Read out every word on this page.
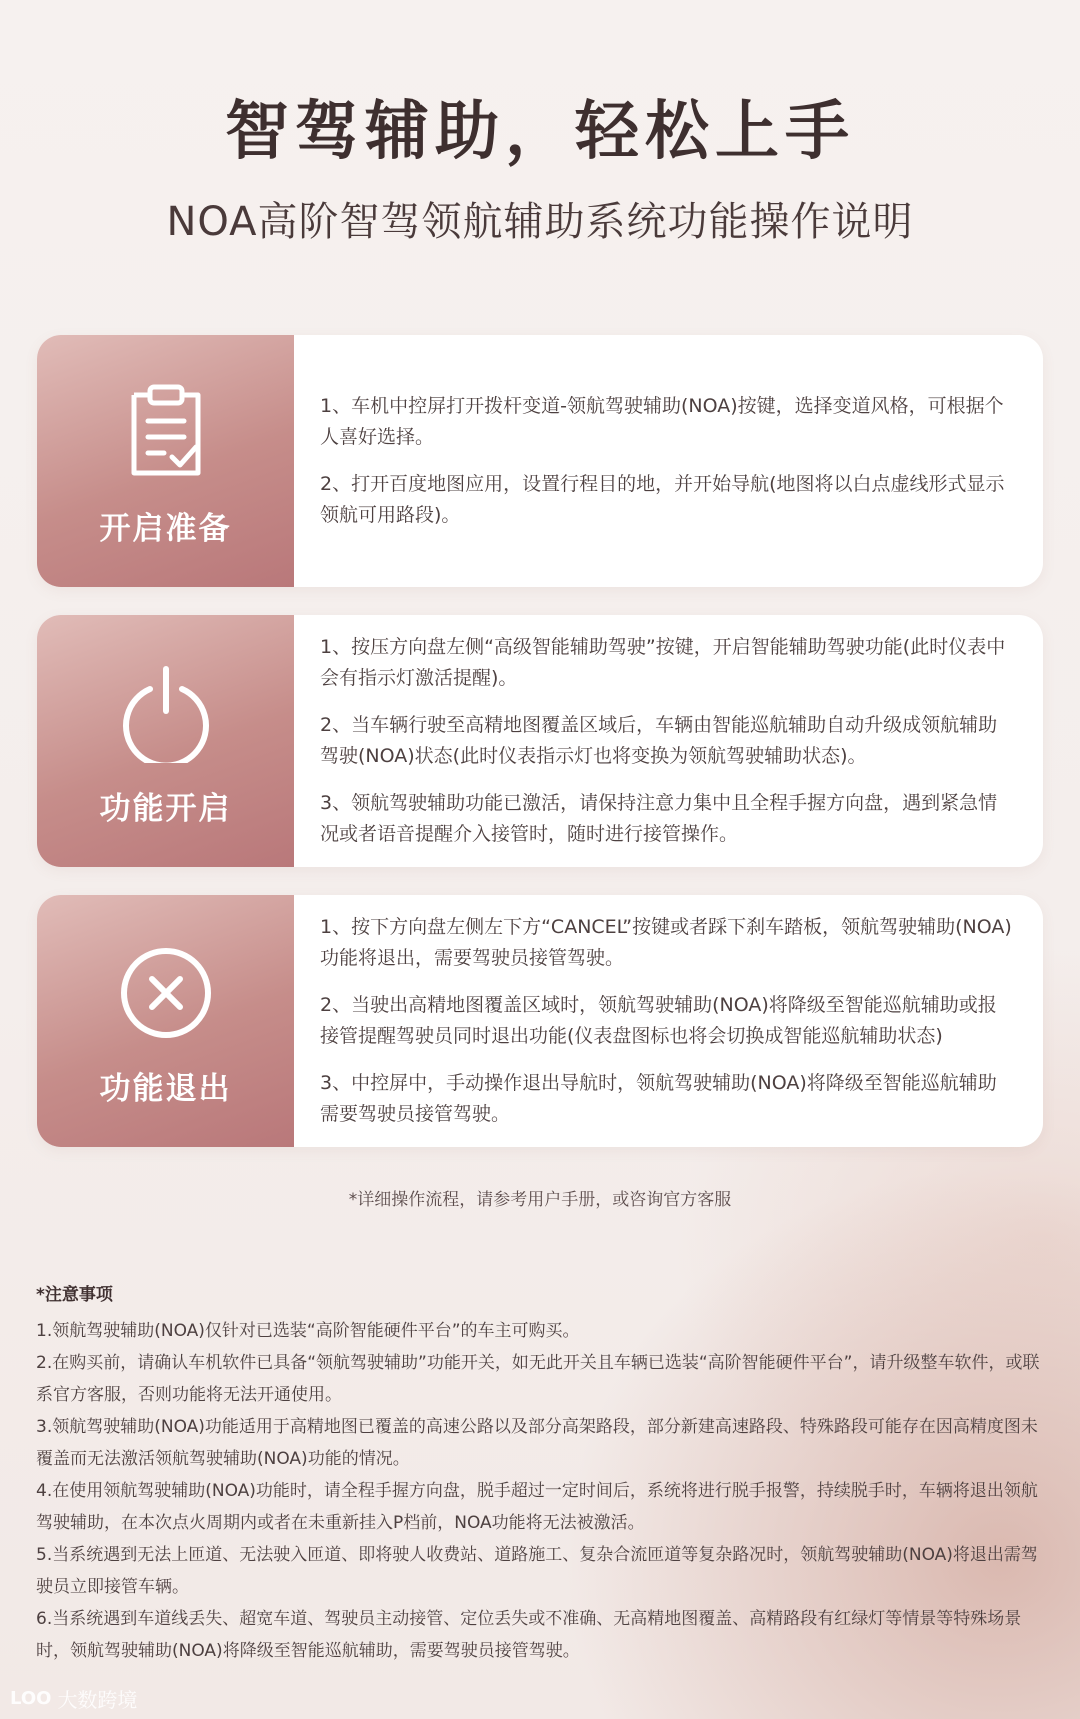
智驾辅助，轻松上手
NOA高阶智驾领航辅助系统功能操作说明
开启准备

1、车机中控屏打开拨杆变道-领航驾驶辅助(NOA)按键，选择变道风格，可根据个人喜好选择。

2、打开百度地图应用，设置行程目的地，并开始导航(地图将以白点虚线形式显示领航可用路段)。

功能开启

1、按压方向盘左侧“高级智能辅助驾驶”按键，开启智能辅助驾驶功能(此时仪表中会有指示灯激活提醒)。

2、当车辆行驶至高精地图覆盖区域后，车辆由智能巡航辅助自动升级成领航辅助驾驶(NOA)状态(此时仪表指示灯也将变换为领航驾驶辅助状态)。

3、领航驾驶辅助功能已激活，请保持注意力集中且全程手握方向盘，遇到紧急情况或者语音提醒介入接管时，随时进行接管操作。

功能退出

1、按下方向盘左侧左下方“CANCEL”按键或者踩下刹车踏板，领航驾驶辅助(NOA)功能将退出，需要驾驶员接管驾驶。

2、当驶出高精地图覆盖区域时，领航驾驶辅助(NOA)将降级至智能巡航辅助或报接管提醒驾驶员同时退出功能(仪表盘图标也将会切换成智能巡航辅助状态)

3、中控屏中，手动操作退出导航时，领航驾驶辅助(NOA)将降级至智能巡航辅助需要驾驶员接管驾驶。

*详细操作流程，请参考用户手册，或咨询官方客服
*注意事项

1.领航驾驶辅助(NOA)仅针对已选装“高阶智能硬件平台”的车主可购买。

2.在购买前，请确认车机软件已具备“领航驾驶辅助”功能开关，如无此开关且车辆已选装“高阶智能硬件平台”，请升级整车软件，或联系官方客服，否则功能将无法开通使用。

3.领航驾驶辅助(NOA)功能适用于高精地图已覆盖的高速公路以及部分高架路段，部分新建高速路段、特殊路段可能存在因高精度图未覆盖而无法激活领航驾驶辅助(NOA)功能的情况。

4.在使用领航驾驶辅助(NOA)功能时，请全程手握方向盘，脱手超过一定时间后，系统将进行脱手报警，持续脱手时，车辆将退出领航驾驶辅助，在本次点火周期内或者在未重新挂入P档前，NOA功能将无法被激活。

5.当系统遇到无法上匝道、无法驶入匝道、即将驶人收费站、道路施工、复杂合流匝道等复杂路况时，领航驾驶辅助(NOA)将退出需驾驶员立即接管车辆。

6.当系统遇到车道线丢失、超宽车道、驾驶员主动接管、定位丢失或不准确、无高精地图覆盖、高精路段有红绿灯等情景等特殊场景时，领航驾驶辅助(NOA)将降级至智能巡航辅助，需要驾驶员接管驾驶。

LOO 大数跨境
